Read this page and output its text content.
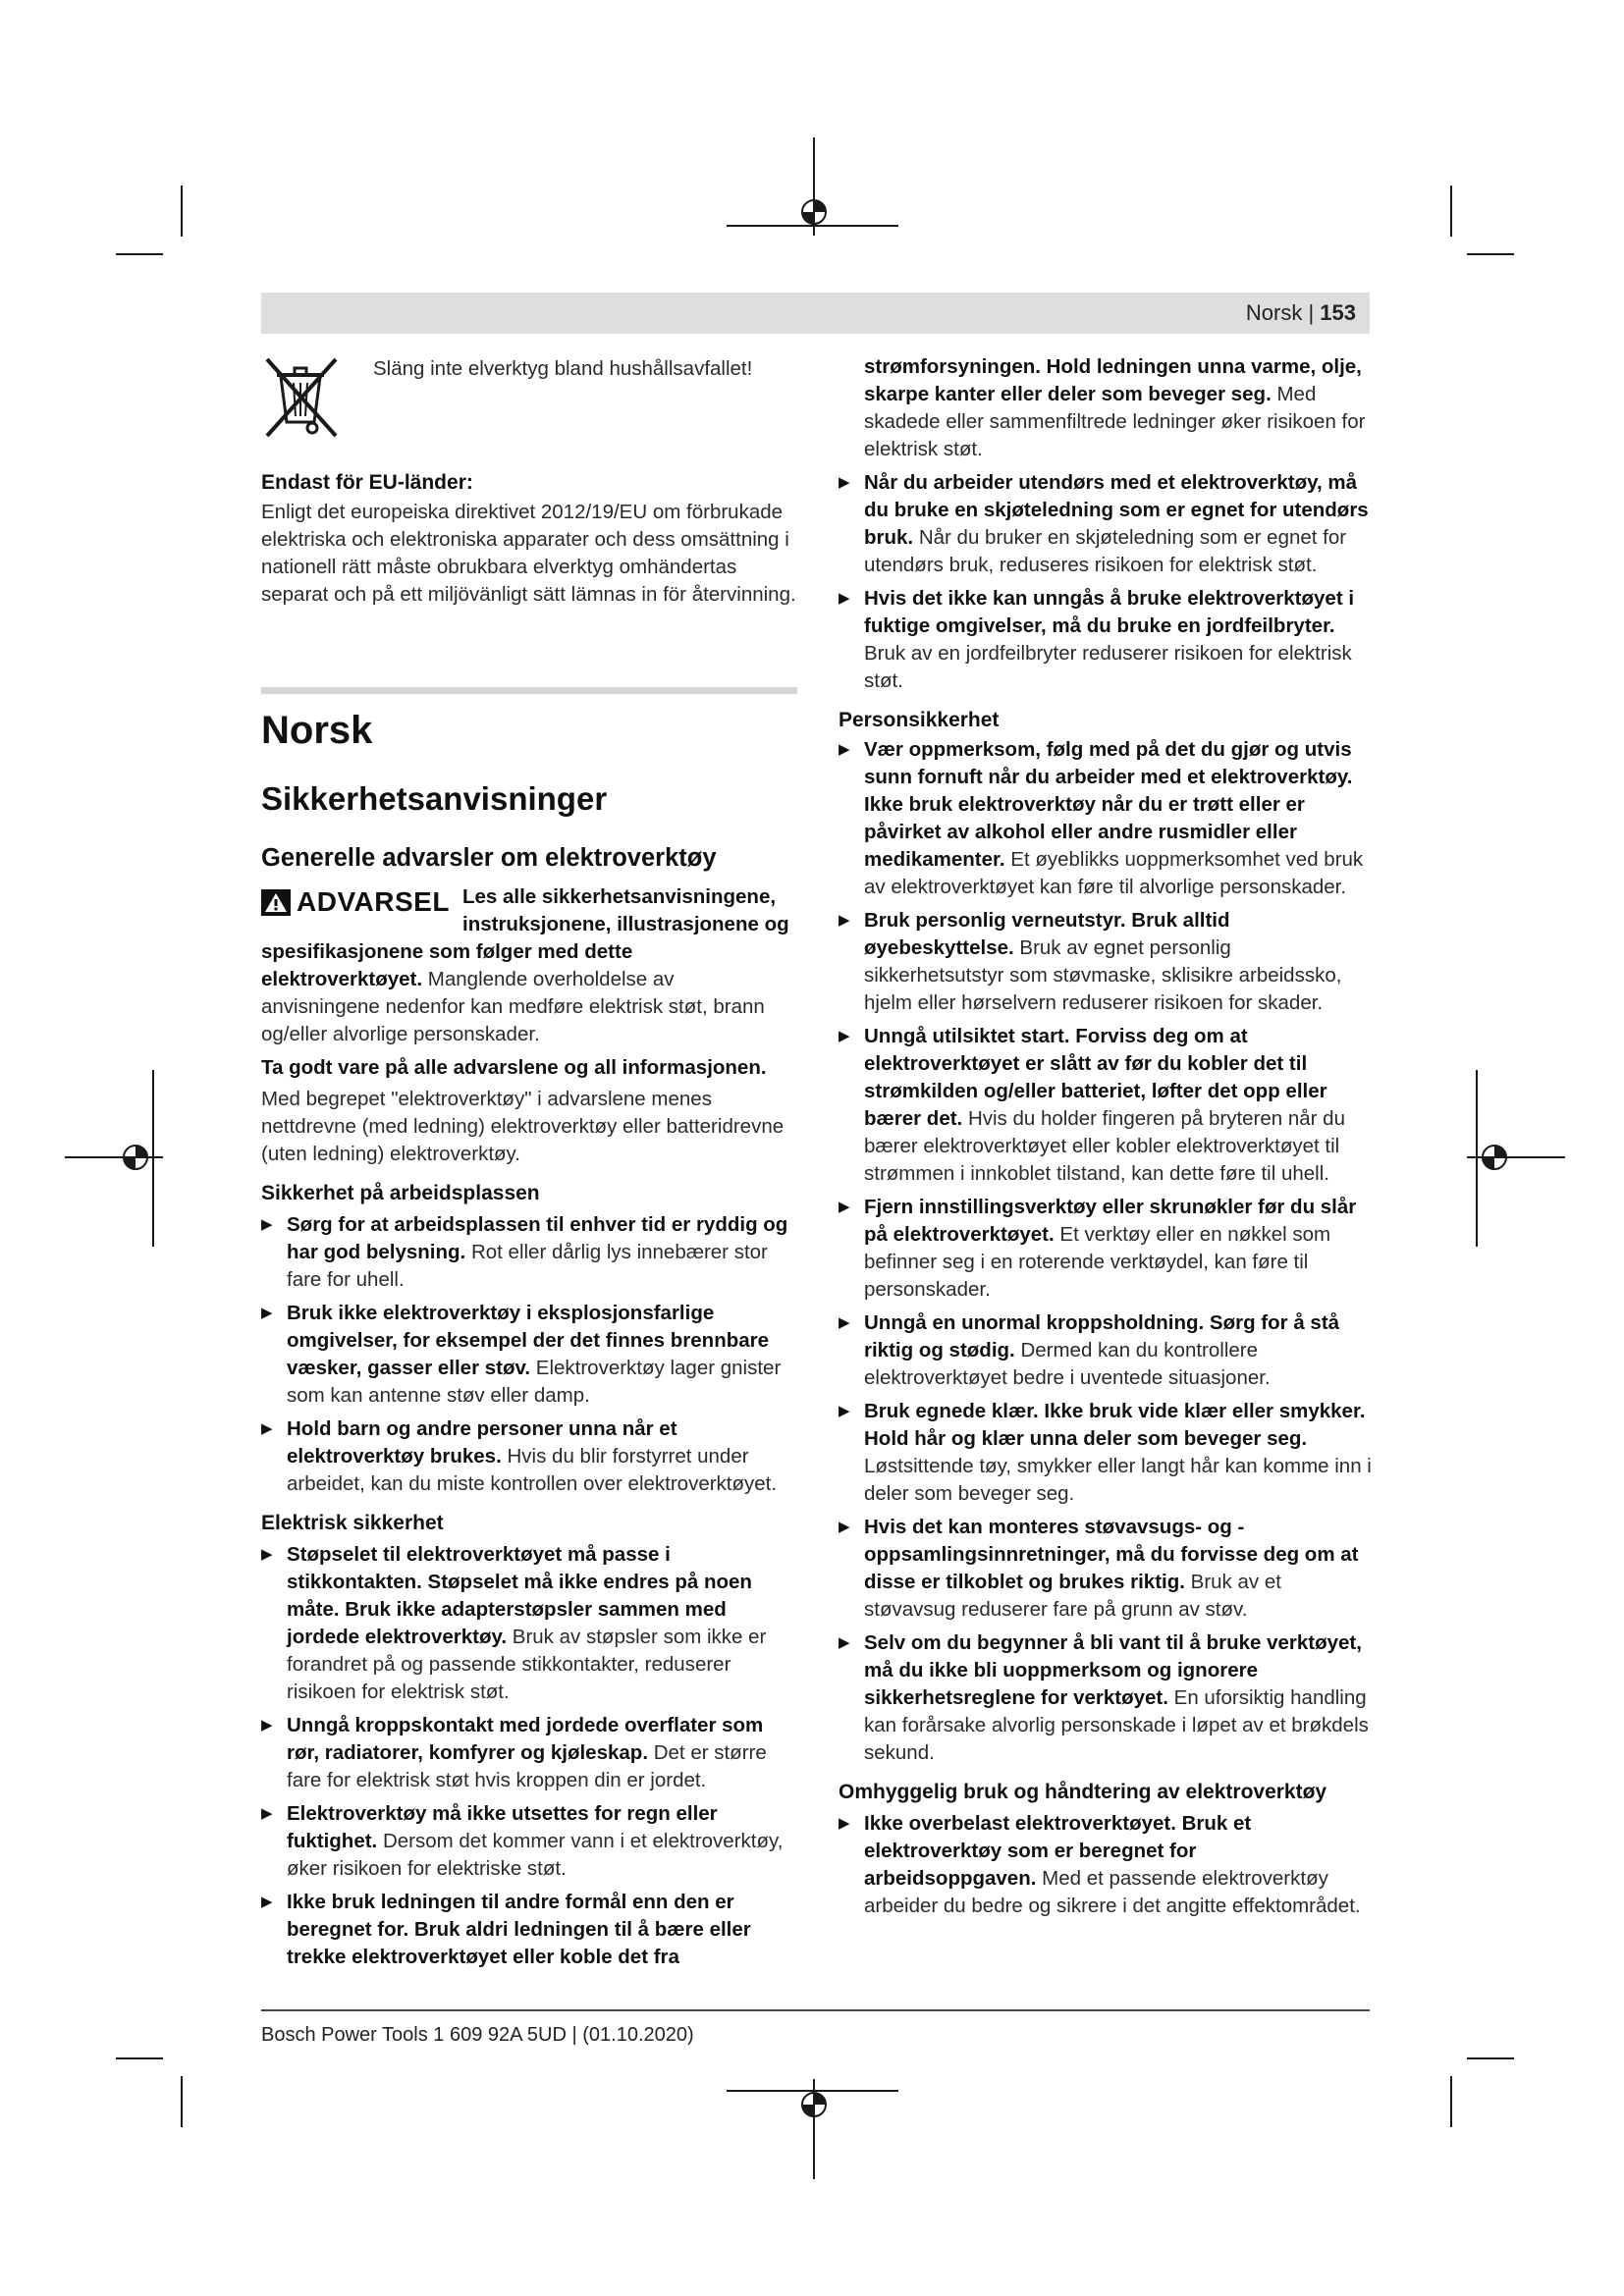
Norsk | 153

Släng inte elverktyg bland hushållsavfallet!

Endast för EU-länder:

Enligt det europeiska direktivet 2012/19/EU om förbrukade elektriska och elektroniska apparater och dess omsättning i nationell rätt måste obrukbara elverktyg omhändertas separat och på ett miljövänligt sätt lämnas in för återvinning.

Norsk

Sikkerhetsanvisninger

Generelle advarsler om elektroverktøy

ADVARSEL Les alle sikkerhetsanvisningene, instruksjonene, illustrasjonene og spesifikasjonene som følger med dette elektroverktøyet. Manglende overholdelse av anvisningene nedenfor kan medføre elektrisk støt, brann og/eller alvorlige personskader.

Ta godt vare på alle advarslene og all informasjonen.

Med begrepet "elektroverktøy" i advarslene menes nettdrevne (med ledning) elektroverktøy eller batteridrevne (uten ledning) elektroverktøy.

Sikkerhet på arbeidsplassen

▶ Sørg for at arbeidsplassen til enhver tid er ryddig og har god belysning. Rot eller dårlig lys innebærer stor fare for uhell.
▶ Bruk ikke elektroverktøy i eksplosjonsfarlige omgivelser, for eksempel der det finnes brennbare væsker, gasser eller støv. Elektroverktøy lager gnister som kan antenne støv eller damp.
▶ Hold barn og andre personer unna når et elektroverktøy brukes. Hvis du blir forstyrret under arbeidet, kan du miste kontrollen over elektroverktøyet.

Elektrisk sikkerhet

▶ Støpselet til elektroverktøyet må passe i stikkontakten. Støpselet må ikke endres på noen måte. Bruk ikke adapterstøpsler sammen med jordede elektroverktøy. Bruk av støpsler som ikke er forandret på og passende stikkontakter, reduserer risikoen for elektrisk støt.
▶ Unngå kroppskontakt med jordede overflater som rør, radiatorer, komfyrer og kjøleskap. Det er større fare for elektrisk støt hvis kroppen din er jordet.
▶ Elektroverktøy må ikke utsettes for regn eller fuktighet. Dersom det kommer vann i et elektroverktøy, øker risikoen for elektriske støt.
▶ Ikke bruk ledningen til andre formål enn den er beregnet for. Bruk aldri ledningen til å bære eller trekke elektroverktøyet eller koble det fra

strømforsyningen. Hold ledningen unna varme, olje, skarpe kanter eller deler som beveger seg. Med skadede eller sammenfiltrede ledninger øker risikoen for elektrisk støt.

▶ Når du arbeider utendørs med et elektroverktøy, må du bruke en skjøteledning som er egnet for utendørs bruk. Når du bruker en skjøteledning som er egnet for utendørs bruk, reduseres risikoen for elektrisk støt.
▶ Hvis det ikke kan unngås å bruke elektroverktøyet i fuktige omgivelser, må du bruke en jordfeilbryter. Bruk av en jordfeilbryter reduserer risikoen for elektrisk støt.

Personsikkerhet

▶ Vær oppmerksom, følg med på det du gjør og utvis sunn fornuft når du arbeider med et elektroverktøy. Ikke bruk elektroverktøy når du er trøtt eller er påvirket av alkohol eller andre rusmidler eller medikamenter. Et øyeblikks uoppmerksomhet ved bruk av elektroverktøyet kan føre til alvorlige personskader.
▶ Bruk personlig verneutstyr. Bruk alltid øyebeskyttelse. Bruk av egnet personlig sikkerhetsutstyr som støvmaske, sklisikre arbeidssko, hjelm eller hørselvern reduserer risikoen for skader.
▶ Unngå utilsiktet start. Forviss deg om at elektroverktøyet er slått av før du kobler det til strømkilden og/eller batteriet, løfter det opp eller bærer det. Hvis du holder fingeren på bryteren når du bærer elektroverktøyet eller kobler elektroverktøyet til strømmen i innkoblet tilstand, kan dette føre til uhell.
▶ Fjern innstillingsverktøy eller skrunøkler før du slår på elektroverktøyet. Et verktøy eller en nøkkel som befinner seg i en roterende verktøydel, kan føre til personskader.
▶ Unngå en unormal kroppsholdning. Sørg for å stå riktig og stødig. Dermed kan du kontrollere elektroverktøyet bedre i uventede situasjoner.
▶ Bruk egnede klær. Ikke bruk vide klær eller smykker. Hold hår og klær unna deler som beveger seg. Løstsittende tøy, smykker eller langt hår kan komme inn i deler som beveger seg.
▶ Hvis det kan monteres støvavsugs- og -oppsamlingsinnretninger, må du forvisse deg om at disse er tilkoblet og brukes riktig. Bruk av et støvavsug reduserer fare på grunn av støv.
▶ Selv om du begynner å bli vant til å bruke verktøyet, må du ikke bli uoppmerksom og ignorere sikkerhetsreglene for verktøyet. En uforsiktig handling kan forårsake alvorlig personskade i løpet av et brøkdels sekund.

Omhyggelig bruk og håndtering av elektroverktøy

▶ Ikke overbelast elektroverktøyet. Bruk et elektroverktøy som er beregnet for arbeidsoppgaven. Med et passende elektroverktøy arbeider du bedre og sikrere i det angitte effektområdet.
Bosch Power Tools 1 609 92A 5UD | (01.10.2020)
